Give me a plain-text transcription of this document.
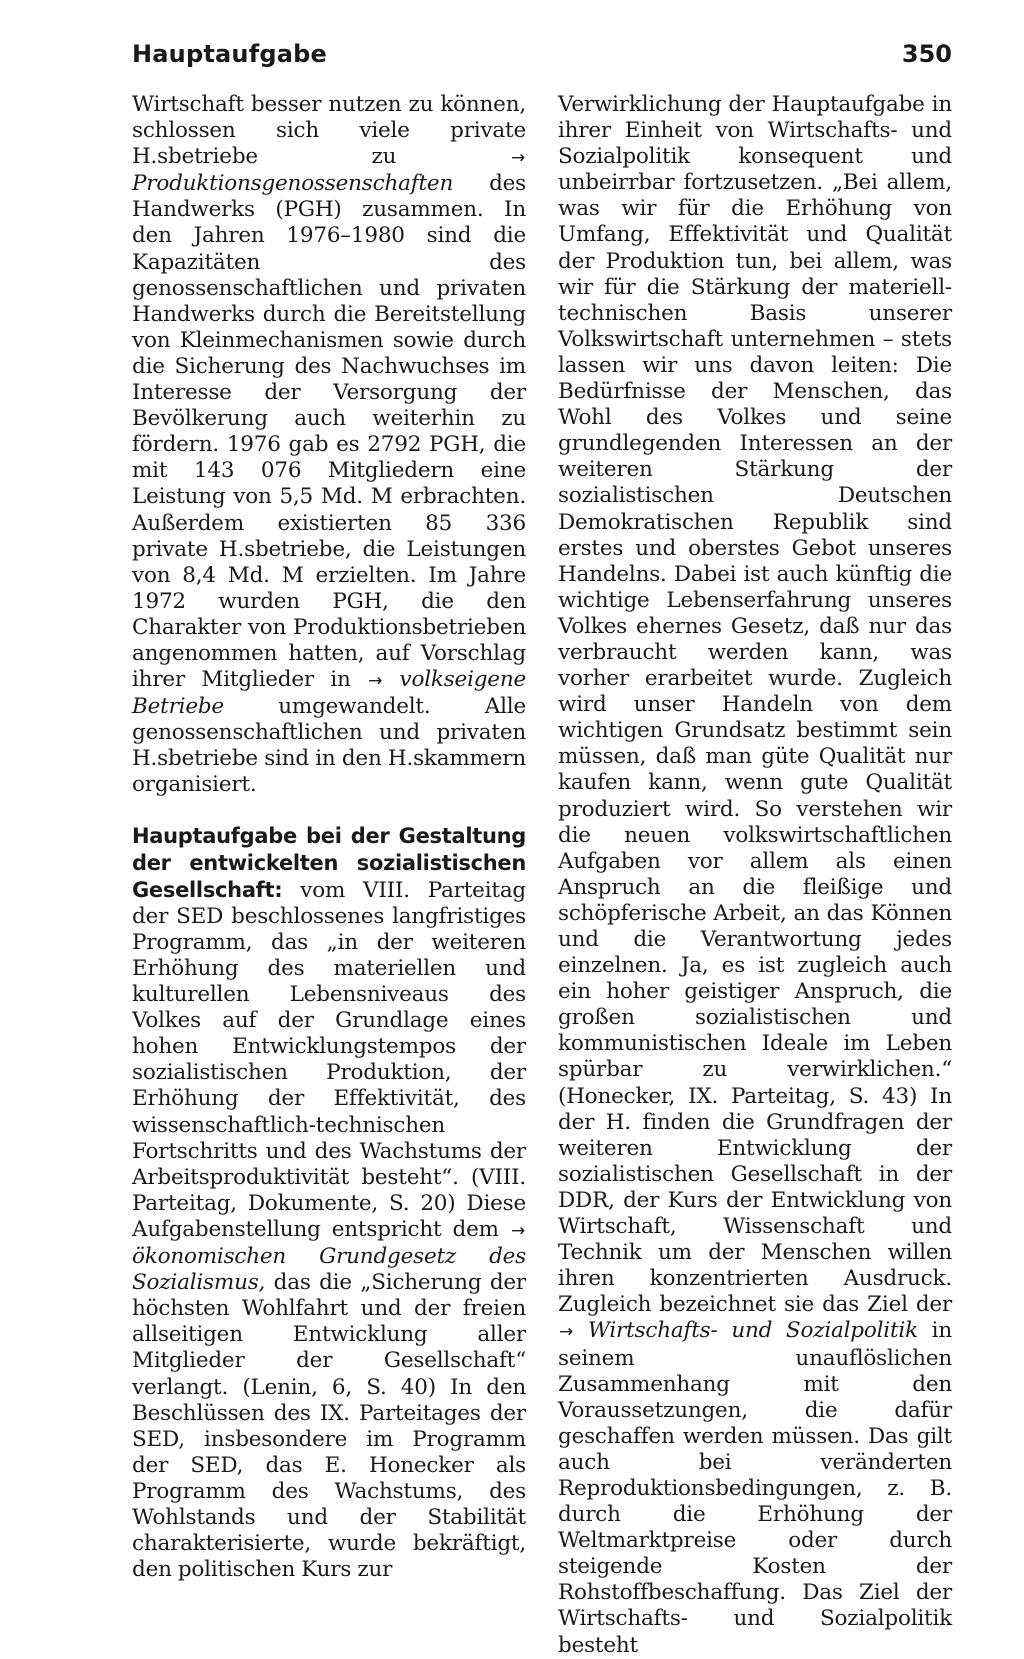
Hauptaufgabe	350

Wirtschaft besser nutzen zu können, schlossen sich viele private H.sbetriebe zu	→ Produktionsgenossenschaften des Handwerks (PGH) zusammen. In den Jahren 1976–1980 sind die Kapazitäten des genossenschaftlichen und privaten Handwerks durch die Bereitstellung von Kleinmechanismen sowie durch die Sicherung des Nachwuchses im Interesse der Versorgung der Bevölkerung auch weiterhin zu fördern. 1976 gab es 2792 PGH, die mit 143 076 Mitgliedern eine Leistung von 5,5 Md. M erbrachten. Außerdem existierten 85 336 private H.sbetriebe, die Leistungen von 8,4 Md. M erzielten. Im Jahre 1972 wurden PGH, die den Charakter von Produktionsbetrieben angenommen hatten, auf Vorschlag ihrer Mitglieder in → volkseigene Betriebe	umgewandelt. Alle genossenschaftlichen und privaten H.sbetriebe sind in den H.skammern organisiert.

Hauptaufgabe bei der Gestaltung der entwickelten sozialistischen Gesellschaft: vom VIII. Parteitag der SED beschlossenes langfristiges Programm, das „in der weiteren Erhöhung des materiellen und kulturellen Lebensniveaus des Volkes auf der Grundlage eines hohen Entwicklungstempos der sozialistischen Produktion, der Erhöhung der Effektivität, des wissenschaftlich-technischen Fortschritts und des Wachstums der Arbeitsproduktivität besteht“. (VIII. Parteitag, Dokumente, S. 20) Diese Aufgabenstellung entspricht dem → ökonomischen Grundgesetz des Sozialismus, das die „Sicherung der höchsten Wohlfahrt und der freien allseitigen Entwicklung aller Mitglieder der Gesellschaft“ verlangt. (Lenin, 6, S. 40) In den Beschlüssen des IX. Parteitages der SED, insbesondere im Programm der SED, das E. Honecker als Programm des Wachstums, des Wohlstands und der Stabilität charakterisierte, wurde bekräftigt, den politischen Kurs zur

Verwirklichung der Hauptaufgabe in ihrer Einheit von Wirtschafts- und Sozialpolitik konsequent und unbeirrbar fortzusetzen. „Bei allem, was wir für die Erhöhung von Umfang, Effektivität und Qualität der Produktion tun, bei allem, was wir für die Stärkung der materiell-technischen Basis unserer Volkswirtschaft unternehmen – stets lassen wir uns davon leiten: Die Bedürfnisse der Menschen, das Wohl des Volkes und seine grundlegenden Interessen an der weiteren Stärkung der sozialistischen Deutschen Demokratischen Republik sind erstes und oberstes Gebot unseres Handelns. Dabei ist auch künftig die wichtige Lebenserfahrung unseres Volkes ehernes Gesetz, daß nur das verbraucht werden kann, was vorher erarbeitet wurde. Zugleich wird unser Handeln von dem wichtigen Grundsatz bestimmt sein müssen, daß man güte Qualität nur kaufen kann, wenn gute Qualität produziert wird. So verstehen wir die neuen volkswirtschaftlichen Aufgaben vor allem als einen Anspruch an die fleißige und schöpferische Arbeit, an das Können und die Verantwortung jedes einzelnen. Ja, es ist zugleich auch ein hoher geistiger Anspruch, die großen sozialistischen und kommunistischen Ideale im Leben spürbar zu verwirklichen.“ (Honecker, IX. Parteitag, S. 43) In der H. finden die Grundfragen der weiteren Entwicklung der sozialistischen Gesellschaft in der DDR, der Kurs der Entwicklung von Wirtschaft, Wissenschaft und Technik um der Menschen willen ihren konzentrierten Ausdruck. Zugleich bezeichnet sie das Ziel der → Wirtschafts- und Sozialpolitik in seinem unauflöslichen Zusammenhang mit den Voraussetzungen, die dafür geschaffen werden müssen. Das gilt auch bei veränderten Reproduktionsbedingungen, z. B. durch die Erhöhung der Weltmarktpreise oder durch steigende Kosten der Rohstoffbeschaffung. Das Ziel der Wirtschafts- und Sozialpolitik besteht
